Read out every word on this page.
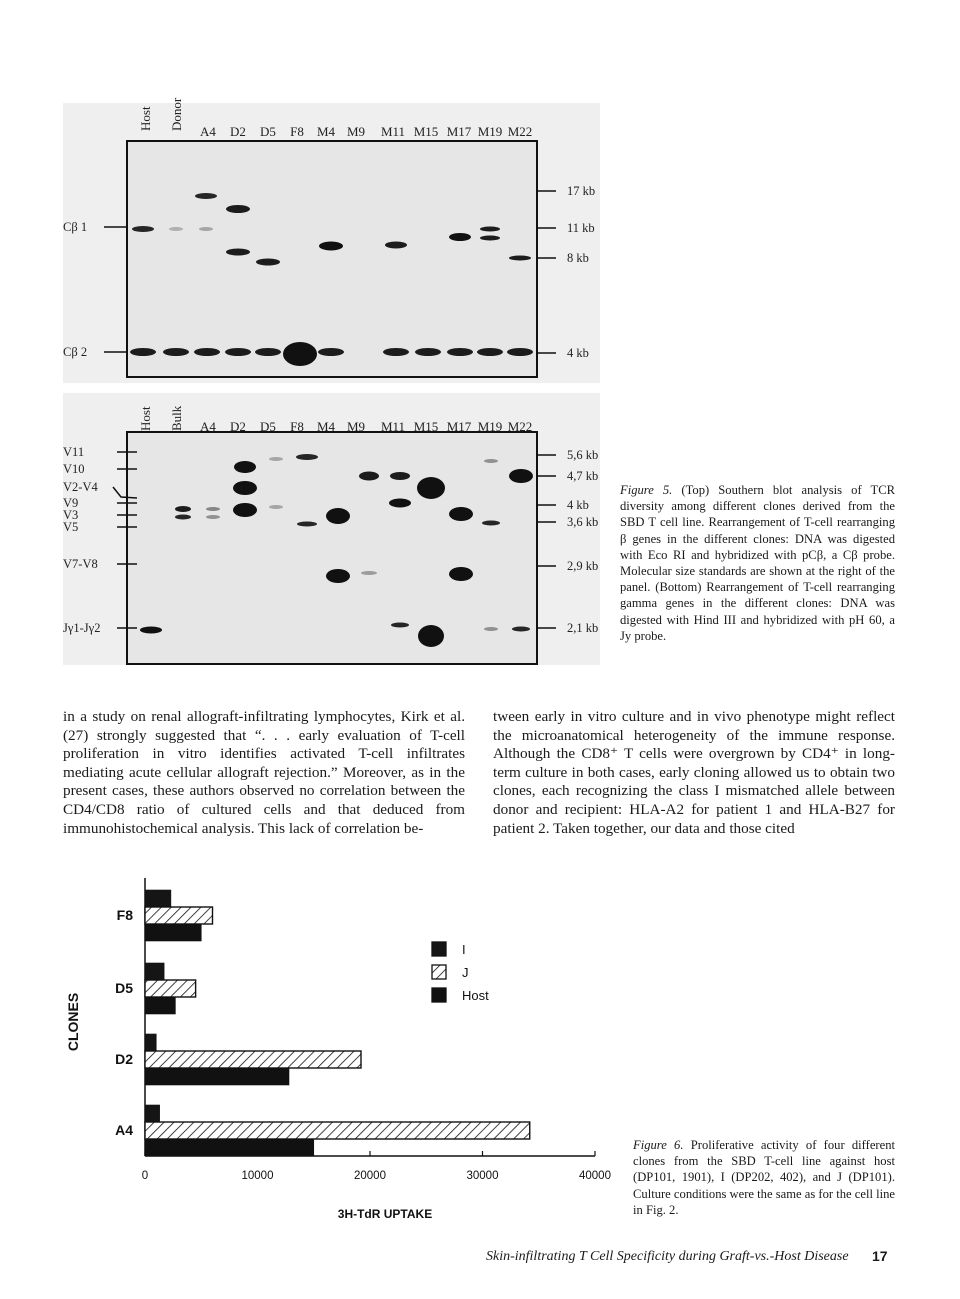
Host Donor
A4 D2 D5 F8 M4 M9 M11 M15 M17 M19 M22
Cβ 1
Cβ 2
17 kb
11 kb
8 kb
4 kb
Host Bulk A4 D2 D5 F8 M4 M9 M11 M15 M17 M19 M22
V11
V10
V2-V4
V9
V3
V5
V7-V8
Jγ1-Jγ2
5,6 kb
4,7 kb
4 kb
3,6 kb
2,9 kb
2,1 kb
Figure 5. (Top) Southern blot analysis of TCR diversity among different clones derived from the SBD T cell line. Rearrangement of T-cell rearranging β genes in the different clones: DNA was digested with Eco RI and hybridized with pCβ, a Cβ probe. Molecular size standards are shown at the right of the panel. (Bottom) Rearrangement of T-cell rearranging gamma genes in the different clones: DNA was digested with Hind III and hybridized with pH 60, a Jy probe.
in a study on renal allograft-infiltrating lymphocytes, Kirk et al. (27) strongly suggested that “. . . early evaluation of T-cell proliferation in vitro identifies activated T-cell infiltrates mediating acute cellular allograft rejection.” Moreover, as in the present cases, these authors observed no correlation between the CD4/CD8 ratio of cultured cells and that deduced from immunohistochemical analysis. This lack of correlation be-
tween early in vitro culture and in vivo phenotype might reflect the microanatomical heterogeneity of the immune response. Although the CD8⁺ T cells were overgrown by CD4⁺ in long-term culture in both cases, early cloning allowed us to obtain two clones, each recognizing the class I mismatched allele between donor and recipient: HLA-A2 for patient 1 and HLA-B27 for patient 2. Taken together, our data and those cited
0	10000	20000	30000	40000
3H-TdR UPTAKE
CLONES
F8
D5
D2
A4
I
J
Host
Figure 6. Proliferative activity of four different clones from the SBD T-cell line against host (DP101, 1901), I (DP202, 402), and J (DP101). Culture conditions were the same as for the cell line in Fig. 2.
Skin-infiltrating T Cell Specificity during Graft-vs.-Host Disease 17
